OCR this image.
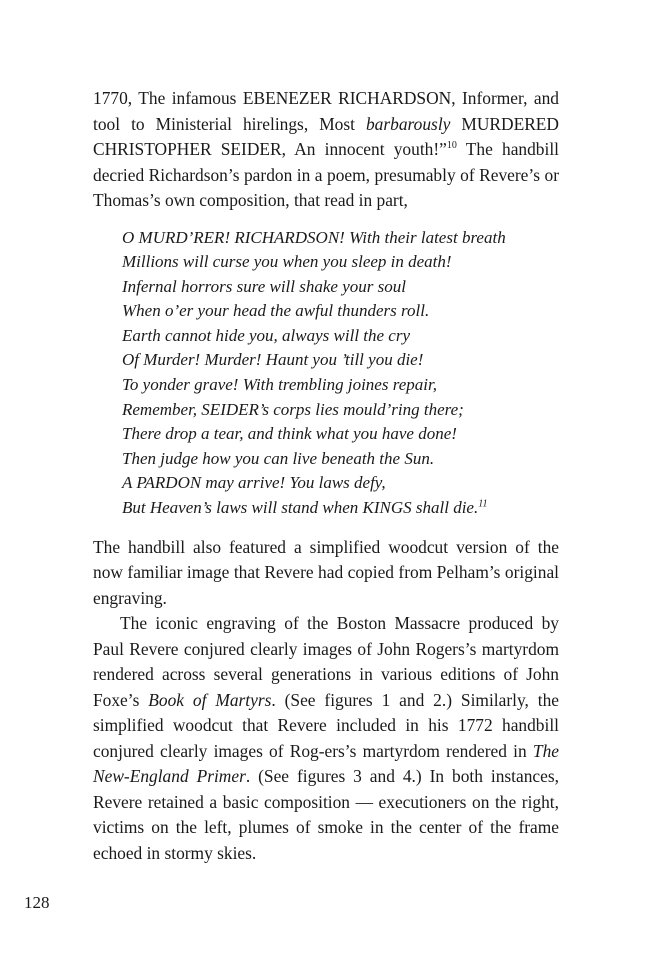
1770, The infamous EBENEZER RICHARDSON, Informer, and tool to Ministerial hirelings, Most barbarously MURDERED CHRISTOPHER SEIDER, An innocent youth!”$^{10}$ The handbill decried Richardson’s pardon in a poem, presumably of Revere’s or Thomas’s own composition, that read in part,

O MURD’RER! RICHARDSON! With their latest breath
Millions will curse you when you sleep in death!
Infernal horrors sure will shake your soul
When o’er your head the awful thunders roll.
Earth cannot hide you, always will the cry
Of Murder! Murder! Haunt you ’till you die!
To yonder grave! With trembling joines repair,
Remember, SEIDER’s corps lies mould’ring there;
There drop a tear, and think what you have done!
Then judge how you can live beneath the Sun.
A PARDON may arrive! You laws defy,
But Heaven’s laws will stand when KINGS shall die.$^{11}$

The handbill also featured a simplified woodcut version of the now familiar image that Revere had copied from Pelham’s original engraving.

The iconic engraving of the Boston Massacre produced by Paul Revere conjured clearly images of John Rogers’s martyrdom rendered across several generations in various editions of John Foxe’s Book of Martyrs. (See figures 1 and 2.) Similarly, the simplified woodcut that Revere included in his 1772 handbill conjured clearly images of Rog-ers’s martyrdom rendered in The New-England Primer. (See figures 3 and 4.) In both instances, Revere retained a basic composition — executioners on the right, victims on the left, plumes of smoke in the center of the frame echoed in stormy skies.

128
